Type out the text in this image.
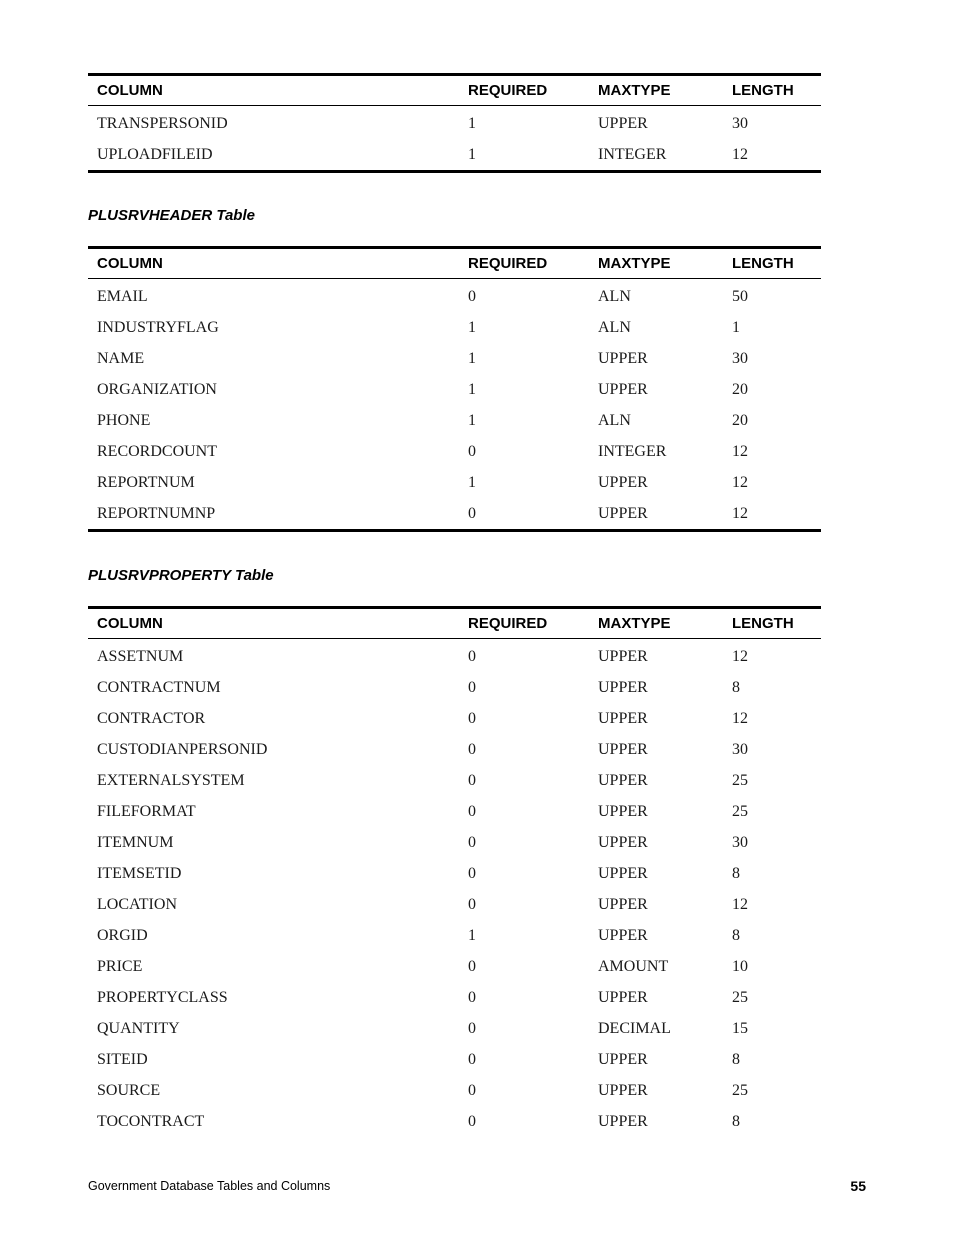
COLUMN	REQUIRED	MAXTYPE	LENGTH
TRANSPERSONID	1	UPPER	30
UPLOADFILEID	1	INTEGER	12

PLUSRVHEADER Table

COLUMN	REQUIRED	MAXTYPE	LENGTH
EMAIL	0	ALN	50
INDUSTRYFLAG	1	ALN	1
NAME	1	UPPER	30
ORGANIZATION	1	UPPER	20
PHONE	1	ALN	20
RECORDCOUNT	0	INTEGER	12
REPORTNUM	1	UPPER	12
REPORTNUMNP	0	UPPER	12

PLUSRVPROPERTY Table

COLUMN	REQUIRED	MAXTYPE	LENGTH
ASSETNUM	0	UPPER	12
CONTRACTNUM	0	UPPER	8
CONTRACTOR	0	UPPER	12
CUSTODIANPERSONID	0	UPPER	30
EXTERNALSYSTEM	0	UPPER	25
FILEFORMAT	0	UPPER	25
ITEMNUM	0	UPPER	30
ITEMSETID	0	UPPER	8
LOCATION	0	UPPER	12
ORGID	1	UPPER	8
PRICE	0	AMOUNT	10
PROPERTYCLASS	0	UPPER	25
QUANTITY	0	DECIMAL	15
SITEID	0	UPPER	8
SOURCE	0	UPPER	25
TOCONTRACT	0	UPPER	8
Government Database Tables and Columns	55
